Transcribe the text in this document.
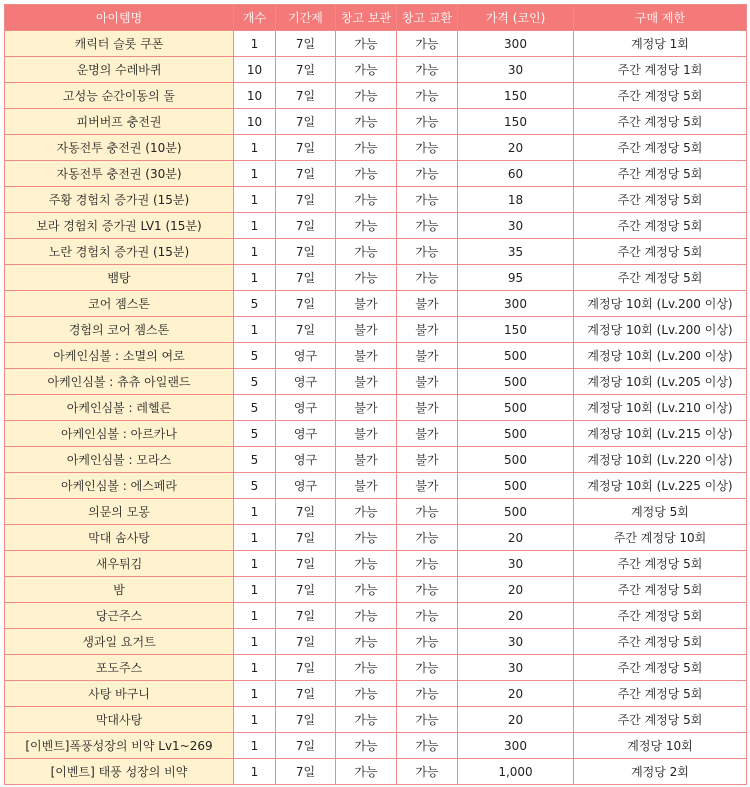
아이템명	개수	기간제	창고 보관	창고 교환	가격 (코인)	구매 제한
캐릭터 슬롯 쿠폰	1	7일	가능	가능	300	계정당 1회
운명의 수레바퀴	10	7일	가능	가능	30	주간 계정당 1회
고성능 순간이동의 돌	10	7일	가능	가능	150	주간 계정당 5회
피버버프 충전권	10	7일	가능	가능	150	주간 계정당 5회
자동전투 충전권 (10분)	1	7일	가능	가능	20	주간 계정당 5회
자동전투 충전권 (30분)	1	7일	가능	가능	60	주간 계정당 5회
주황 경험치 증가권 (15분)	1	7일	가능	가능	18	주간 계정당 5회
보라 경험치 증가권 LV1 (15분)	1	7일	가능	가능	30	주간 계정당 5회
노란 경험치 증가권 (15분)	1	7일	가능	가능	35	주간 계정당 5회
뱀탕	1	7일	가능	가능	95	주간 계정당 5회
코어 젬스톤	5	7일	불가	불가	300	계정당 10회 (Lv.200 이상)
경험의 코어 젬스톤	1	7일	불가	불가	150	계정당 10회 (Lv.200 이상)
아케인심볼 : 소멸의 여로	5	영구	불가	불가	500	계정당 10회 (Lv.200 이상)
아케인심볼 : 츄츄 아일랜드	5	영구	불가	불가	500	계정당 10회 (Lv.205 이상)
아케인심볼 : 레헬른	5	영구	불가	불가	500	계정당 10회 (Lv.210 이상)
아케인심볼 : 아르카나	5	영구	불가	불가	500	계정당 10회 (Lv.215 이상)
아케인심볼 : 모라스	5	영구	불가	불가	500	계정당 10회 (Lv.220 이상)
아케인심볼 : 에스페라	5	영구	불가	불가	500	계정당 10회 (Lv.225 이상)
의문의 모몽	1	7일	가능	가능	500	계정당 5회
막대 솜사탕	1	7일	가능	가능	20	주간 계정당 10회
새우튀김	1	7일	가능	가능	30	주간 계정당 5회
밤	1	7일	가능	가능	20	주간 계정당 5회
당근주스	1	7일	가능	가능	20	주간 계정당 5회
생과일 요거트	1	7일	가능	가능	30	주간 계정당 5회
포도주스	1	7일	가능	가능	30	주간 계정당 5회
사탕 바구니	1	7일	가능	가능	20	주간 계정당 5회
막대사탕	1	7일	가능	가능	20	주간 계정당 5회
[이벤트]폭풍성장의 비약 Lv1~269	1	7일	가능	가능	300	계정당 10회
[이벤트] 태풍 성장의 비약	1	7일	가능	가능	1,000	계정당 2회
